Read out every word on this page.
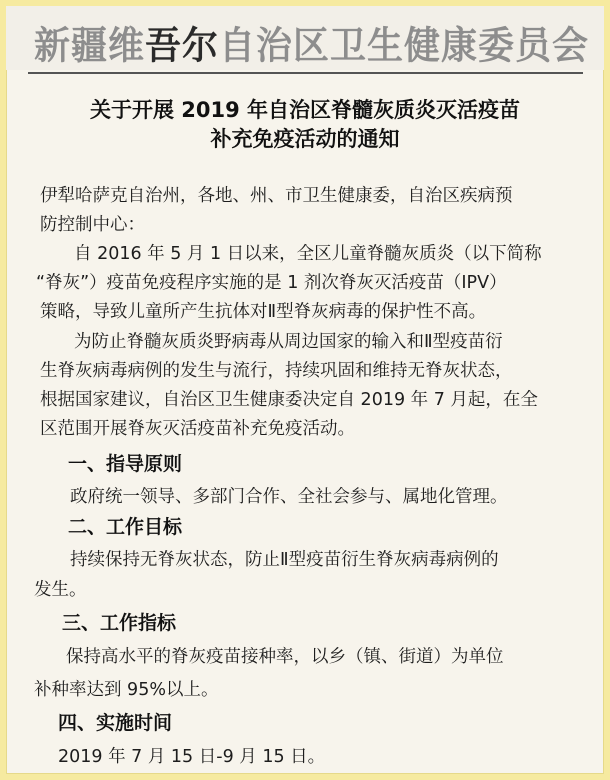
新疆维吾尔自治区卫生健康委员会
关于开展 2019 年自治区脊髓灰质炎灭活疫苗
补充免疫活动的通知
伊犁哈萨克自治州，各地、州、市卫生健康委，自治区疾病预
防控制中心：
自 2016 年 5 月 1 日以来，全区儿童脊髓灰质炎（以下简称
“脊灰”）疫苗免疫程序实施的是 1 剂次脊灰灭活疫苗（IPV）
策略，导致儿童所产生抗体对Ⅱ型脊灰病毒的保护性不高。
为防止脊髓灰质炎野病毒从周边国家的输入和Ⅱ型疫苗衍
生脊灰病毒病例的发生与流行，持续巩固和维持无脊灰状态，
根据国家建议，自治区卫生健康委决定自 2019 年 7 月起，在全
区范围开展脊灰灭活疫苗补充免疫活动。
一、指导原则
政府统一领导、多部门合作、全社会参与、属地化管理。
二、工作目标
持续保持无脊灰状态，防止Ⅱ型疫苗衍生脊灰病毒病例的
发生。
三、工作指标
保持高水平的脊灰疫苗接种率，以乡（镇、街道）为单位
补种率达到 95%以上。
四、实施时间
2019 年 7 月 15 日-9 月 15 日。
